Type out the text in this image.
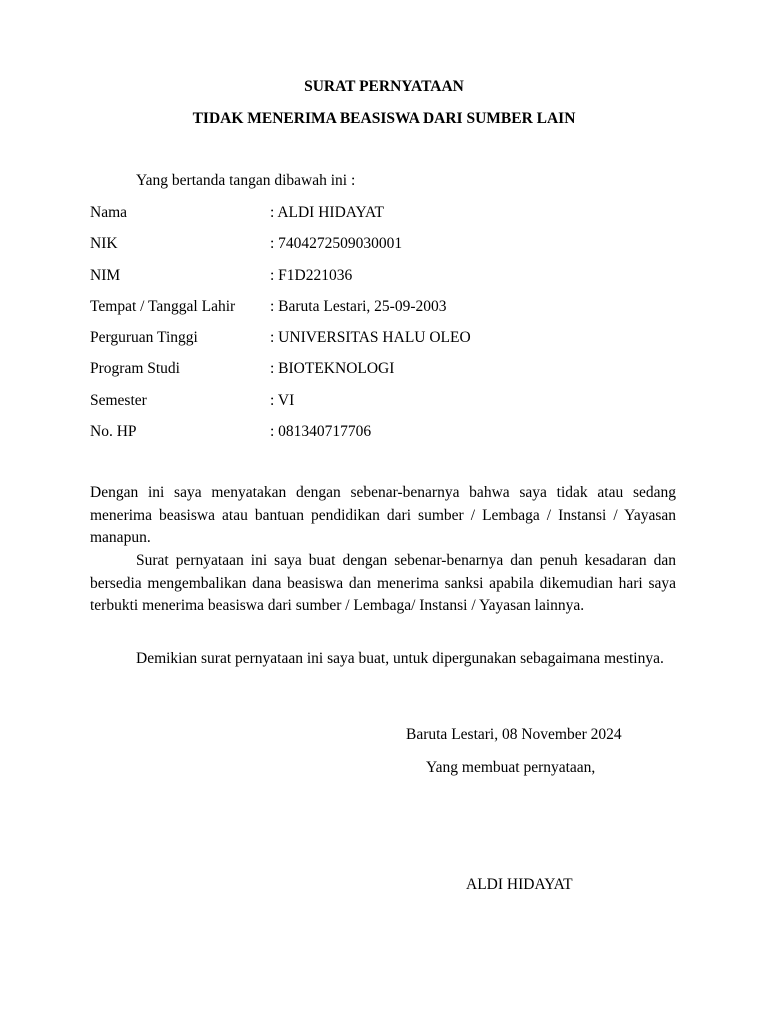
SURAT PERNYATAAN
TIDAK MENERIMA BEASISWA DARI SUMBER LAIN
Yang bertanda tangan dibawah ini :
Nama	: ALDI HIDAYAT
NIK	: 7404272509030001
NIM	: F1D221036
Tempat / Tanggal Lahir : Baruta Lestari, 25-09-2003
Perguruan Tinggi	: UNIVERSITAS HALU OLEO
Program Studi	: BIOTEKNOLOGI
Semester	: VI
No. HP	: 081340717706
Dengan ini saya menyatakan dengan sebenar-benarnya bahwa saya tidak atau sedang menerima beasiswa atau bantuan pendidikan dari sumber / Lembaga / Instansi / Yayasan manapun.
Surat pernyataan ini saya buat dengan sebenar-benarnya dan penuh kesadaran dan bersedia mengembalikan dana beasiswa dan menerima sanksi apabila dikemudian hari saya terbukti menerima beasiswa dari sumber / Lembaga/ Instansi / Yayasan lainnya.
Demikian surat pernyataan ini saya buat, untuk dipergunakan sebagaimana mestinya.
Baruta Lestari, 08 November 2024
Yang membuat pernyataan,
ALDI HIDAYAT
